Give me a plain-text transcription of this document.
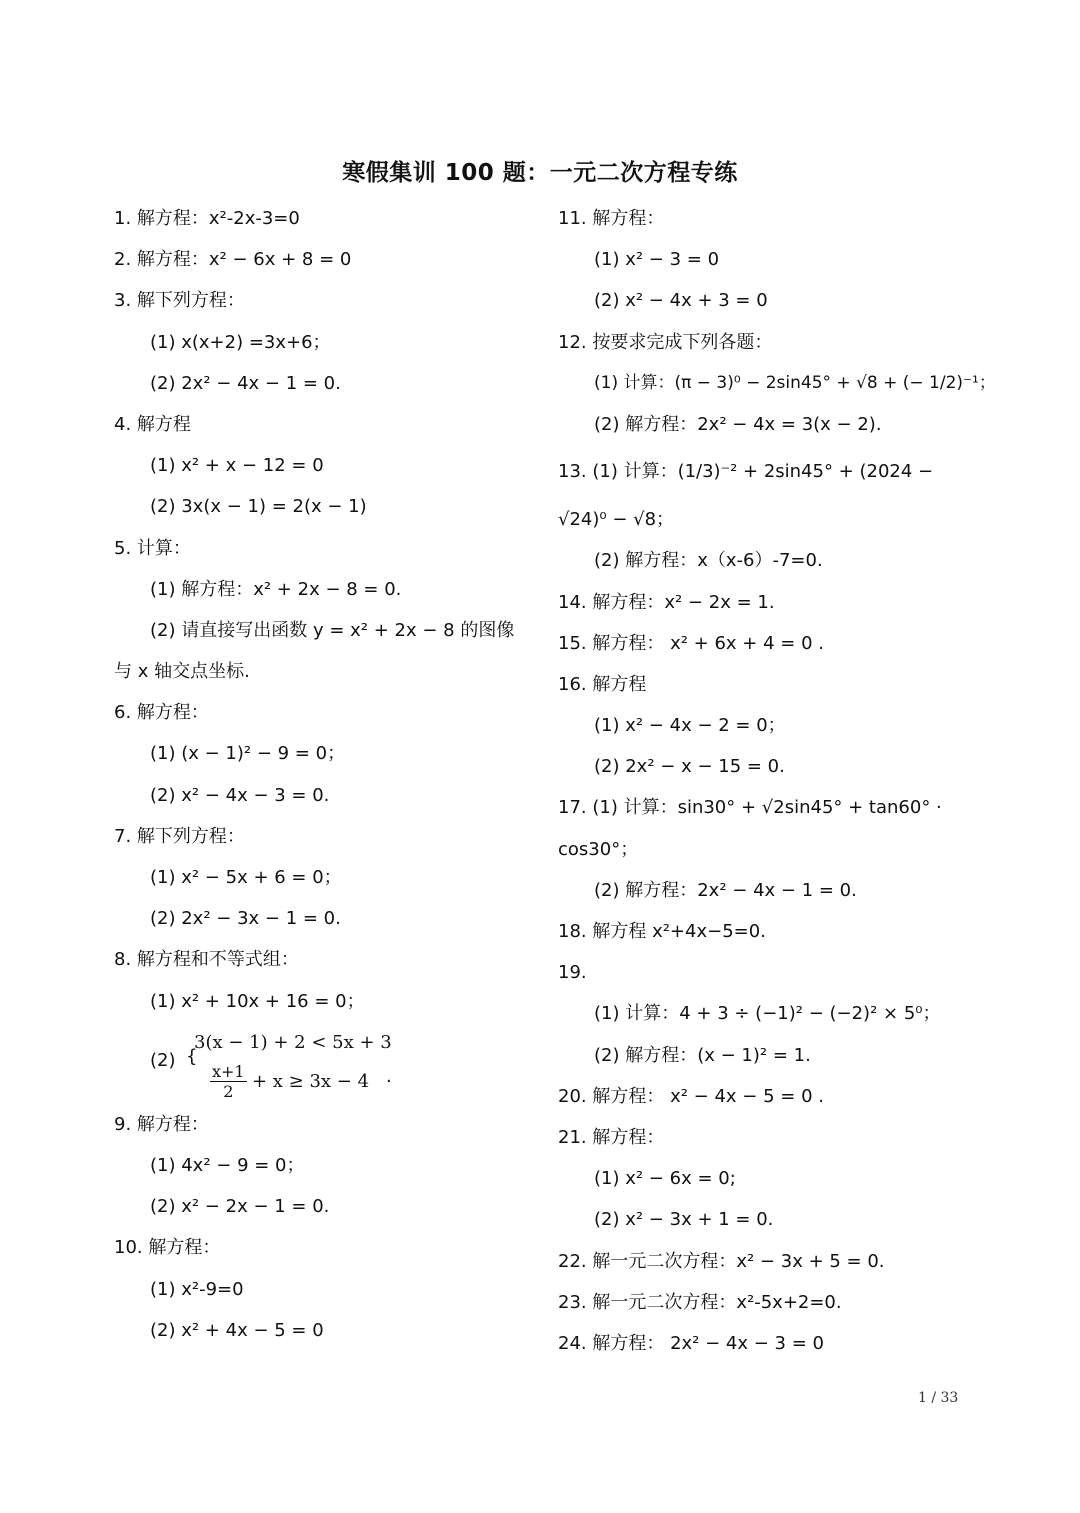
寒假集训 100 题：一元二次方程专练
1. 解方程：x²-2x-3=0
2. 解方程：x² − 6x + 8 = 0
3. 解下列方程：
(1) x(x+2) =3x+6；
(2) 2x² − 4x − 1 = 0.
4. 解方程
(1) x² + x − 12 = 0
(2) 3x(x − 1) = 2(x − 1)
5. 计算：
(1) 解方程：x² + 2x − 8 = 0.
(2) 请直接写出函数 y = x² + 2x − 8 的图像
与 x 轴交点坐标.
6. 解方程：
(1) (x − 1)² − 9 = 0；
(2) x² − 4x − 3 = 0.
7. 解下列方程：
(1) x² − 5x + 6 = 0；
(2) 2x² − 3x − 1 = 0.
8. 解方程和不等式组：
(1) x² + 10x + 16 = 0；
(2) {
3(x − 1) + 2 < 5x + 3
$\frac{x+1}{2} + x \ge 3x - 4$ .
9. 解方程：
(1) 4x² − 9 = 0；
(2) x² − 2x − 1 = 0.
10. 解方程：
(1) x²-9=0
(2) x² + 4x − 5 = 0
11. 解方程：
(1) x² − 3 = 0
(2) x² − 4x + 3 = 0
12. 按要求完成下列各题：
(1) 计算：(π − 3)⁰ − 2sin45° + √8 + (− 1/2)⁻¹；
(2) 解方程：2x² − 4x = 3(x − 2).
13. (1) 计算：(1/3)⁻² + 2sin45° + (2024 −
√24)⁰ − √8；
(2) 解方程：x（x-6）-7=0.
14. 解方程：x² − 2x = 1.
15. 解方程： x² + 6x + 4 = 0 .
16. 解方程
(1) x² − 4x − 2 = 0；
(2) 2x² − x − 15 = 0.
17. (1) 计算：sin30° + √2sin45° + tan60° ·
cos30°；
(2) 解方程：2x² − 4x − 1 = 0.
18. 解方程 x²+4x−5=0.
19.
(1) 计算：4 + 3 ÷ (−1)² − (−2)² × 5⁰；
(2) 解方程：(x − 1)² = 1.
20. 解方程： x² − 4x − 5 = 0 .
21. 解方程：
(1) x² − 6x = 0;
(2) x² − 3x + 1 = 0.
22. 解一元二次方程：x² − 3x + 5 = 0.
23. 解一元二次方程：x²-5x+2=0.
24. 解方程： 2x² − 4x − 3 = 0
1 / 33
